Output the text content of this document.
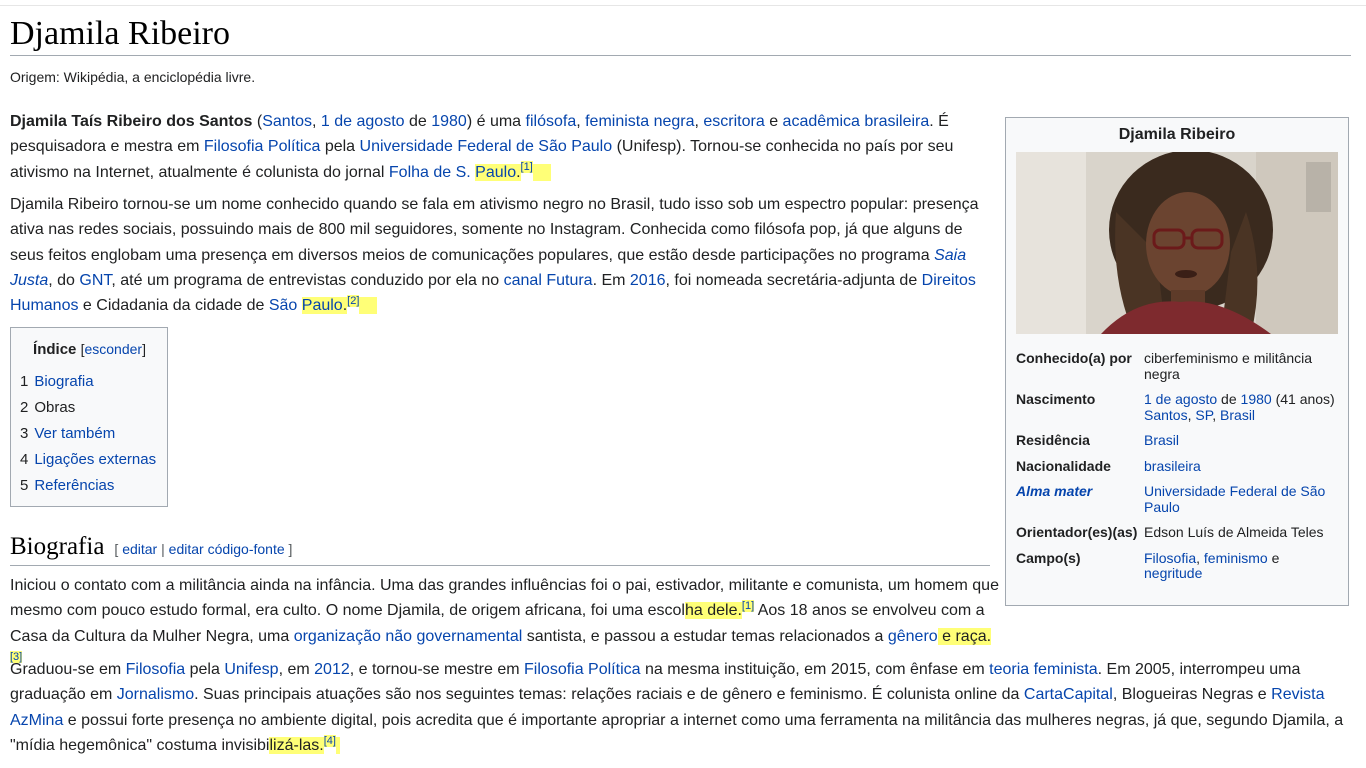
Djamila Ribeiro
Origem: Wikipédia, a enciclopédia livre.

Djamila Taís Ribeiro dos Santos (Santos, 1 de agosto de 1980) é uma filósofa, feminista negra, escritora e acadêmica brasileira. É pesquisadora e mestra em Filosofia Política pela Universidade Federal de São Paulo (Unifesp). Tornou-se conhecida no país por seu ativismo na Internet, atualmente é colunista do jornal Folha de S. Paulo.[1]

Djamila Ribeiro tornou-se um nome conhecido quando se fala em ativismo negro no Brasil, tudo isso sob um espectro popular: presença ativa nas redes sociais, possuindo mais de 800 mil seguidores, somente no Instagram. Conhecida como filósofa pop, já que alguns de seus feitos englobam uma presença em diversos meios de comunicações populares, que estão desde participações no programa Saia Justa, do GNT, até um programa de entrevistas conduzido por ela no canal Futura. Em 2016, foi nomeada secretária-adjunta de Direitos Humanos e Cidadania da cidade de São Paulo.[2]

Índice [esconder]
1 Biografia
2 Obras
3 Ver também
4 Ligações externas
5 Referências
Biografia [ editar | editar código-fonte ]

Iniciou o contato com a militância ainda na infância. Uma das grandes influências foi o pai, estivador, militante e comunista, um homem que mesmo com pouco estudo formal, era culto. O nome Djamila, de origem africana, foi uma escolha dele.[1] Aos 18 anos se envolveu com a Casa da Cultura da Mulher Negra, uma organização não governamental santista, e passou a estudar temas relacionados a gênero e raça.[3]

Graduou-se em Filosofia pela Unifesp, em 2012, e tornou-se mestre em Filosofia Política na mesma instituição, em 2015, com ênfase em teoria feminista. Em 2005, interrompeu uma graduação em Jornalismo. Suas principais atuações são nos seguintes temas: relações raciais e de gênero e feminismo. É colunista online da CartaCapital, Blogueiras Negras e Revista AzMina e possui forte presença no ambiente digital, pois acredita que é importante apropriar a internet como uma ferramenta na militância das mulheres negras, já que, segundo Djamila, a "mídia hegemônica" costuma invisibilizá-las.[4]

Djamila Ribeiro
Conhecido(a) por ciberfeminismo e militância negra
Nascimento	1 de agosto de 1980 (41 anos)
Santos, SP, Brasil
Residência	Brasil
Nacionalidade	brasileira
Alma mater	Universidade Federal de São Paulo
Orientador(es)(as) Edson Luís de Almeida Teles
Campo(s)	Filosofia, feminismo e
negritude
